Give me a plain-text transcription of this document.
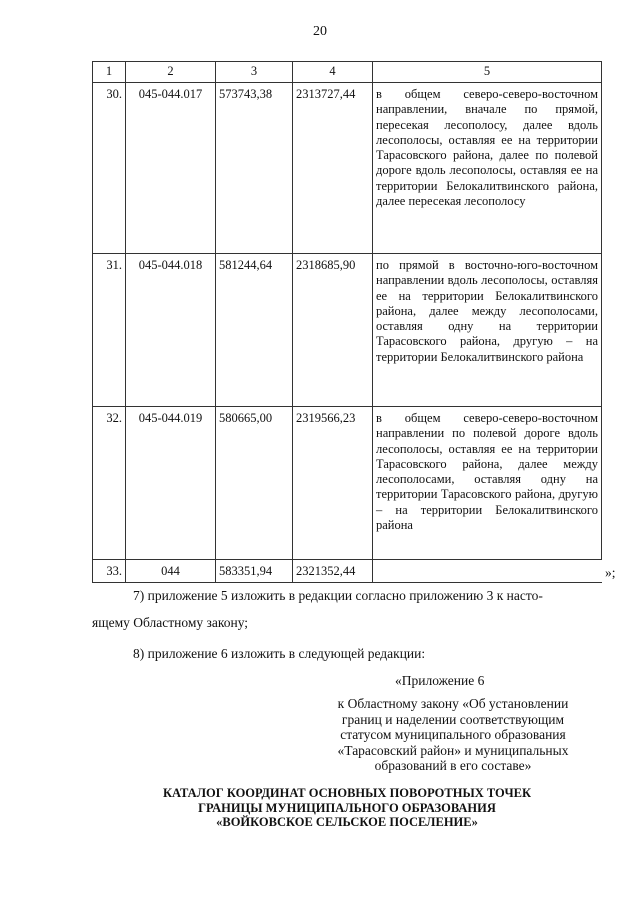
20
1	2	3	4	5
30.	045-044.017	573743,38	2313727,44	в общем северо-северо-восточном направлении, вначале по прямой, пересекая лесополосу, далее вдоль лесополосы, оставляя ее на территории Тарасовского района, далее по полевой дороге вдоль лесополосы, оставляя ее на территории Белокалитвинского района, далее пересекая лесополосу
31.	045-044.018	581244,64	2318685,90	по прямой в восточно-юго-восточном направлении вдоль лесополосы, оставляя ее на территории Белокалитвинского района, далее между лесополосами, оставляя одну на территории Тарасовского района, другую – на территории Белокалитвинского района
32.	045-044.019	580665,00	2319566,23	в общем северо-северо-восточном направлении по полевой дороге вдоль лесополосы, оставляя ее на территории Тарасовского района, далее между лесополосами, оставляя одну на территории Тарасовского района, другую – на территории Белокалитвинского района
33.	044	583351,94	2321352,44		»;
7) приложение 5 изложить в редакции согласно приложению 3 к насто-
ящему Областному закону;
8) приложение 6 изложить в следующей редакции:
«Приложение 6
к Областному закону «Об установлении
границ и наделении соответствующим
статусом муниципального образования
«Тарасовский район» и муниципальных
образований в его составе»
КАТАЛОГ КООРДИНАТ ОСНОВНЫХ ПОВОРОТНЫХ ТОЧЕК
ГРАНИЦЫ МУНИЦИПАЛЬНОГО ОБРАЗОВАНИЯ
«ВОЙКОВСКОЕ СЕЛЬСКОЕ ПОСЕЛЕНИЕ»
